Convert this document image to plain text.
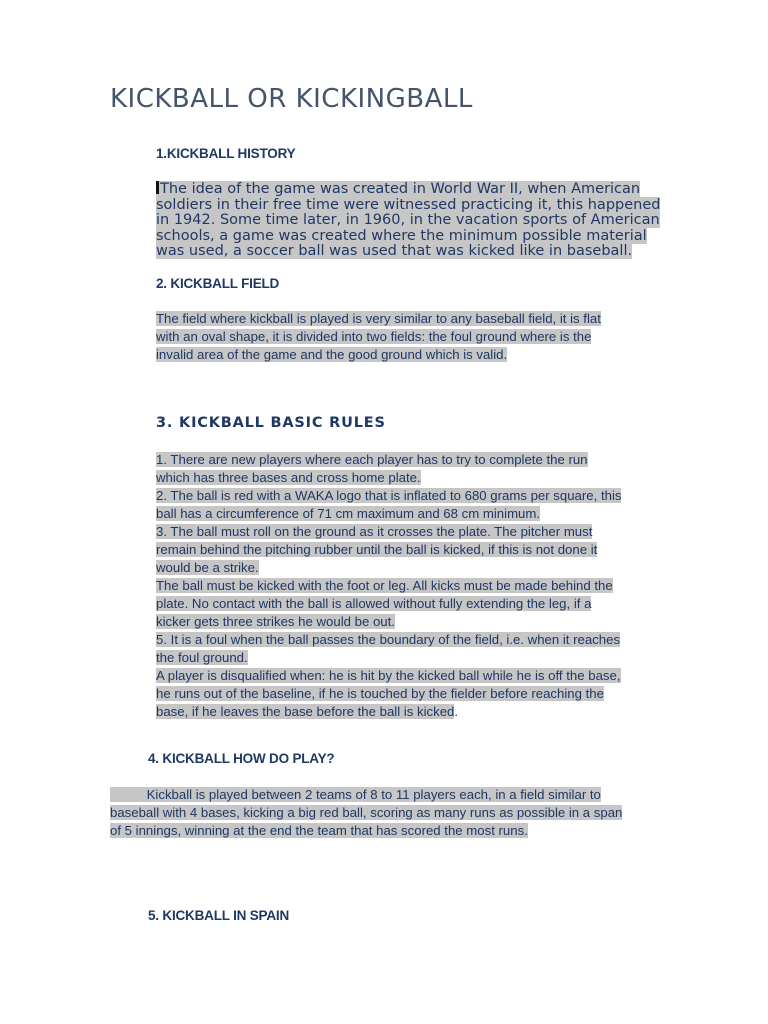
KICKBALL OR KICKINGBALL
1.KICKBALL HISTORY
The idea of the game was created in World War II, when American
soldiers in their free time were witnessed practicing it, this happened
in 1942. Some time later, in 1960, in the vacation sports of American
schools, a game was created where the minimum possible material
was used, a soccer ball was used that was kicked like in baseball.
2. KICKBALL FIELD
The field where kickball is played is very similar to any baseball field, it is flat
with an oval shape, it is divided into two fields: the foul ground where is the
invalid area of the game and the good ground which is valid.
3. KICKBALL BASIC RULES
1. There are new players where each player has to try to complete the run
which has three bases and cross home plate.
2. The ball is red with a WAKA logo that is inflated to 680 grams per square, this
ball has a circumference of 71 cm maximum and 68 cm minimum.
3. The ball must roll on the ground as it crosses the plate. The pitcher must
remain behind the pitching rubber until the ball is kicked, if this is not done it
would be a strike.
The ball must be kicked with the foot or leg. All kicks must be made behind the
plate. No contact with the ball is allowed without fully extending the leg, if a
kicker gets three strikes he would be out.
5. It is a foul when the ball passes the boundary of the field, i.e. when it reaches
the foul ground.
A player is disqualified when: he is hit by the kicked ball while he is off the base,
he runs out of the baseline, if he is touched by the fielder before reaching the
base, if he leaves the base before the ball is kicked.
4. KICKBALL HOW DO PLAY?
Kickball is played between 2 teams of 8 to 11 players each, in a field similar to
baseball with 4 bases, kicking a big red ball, scoring as many runs as possible in a span
of 5 innings, winning at the end the team that has scored the most runs.
5. KICKBALL IN SPAIN
